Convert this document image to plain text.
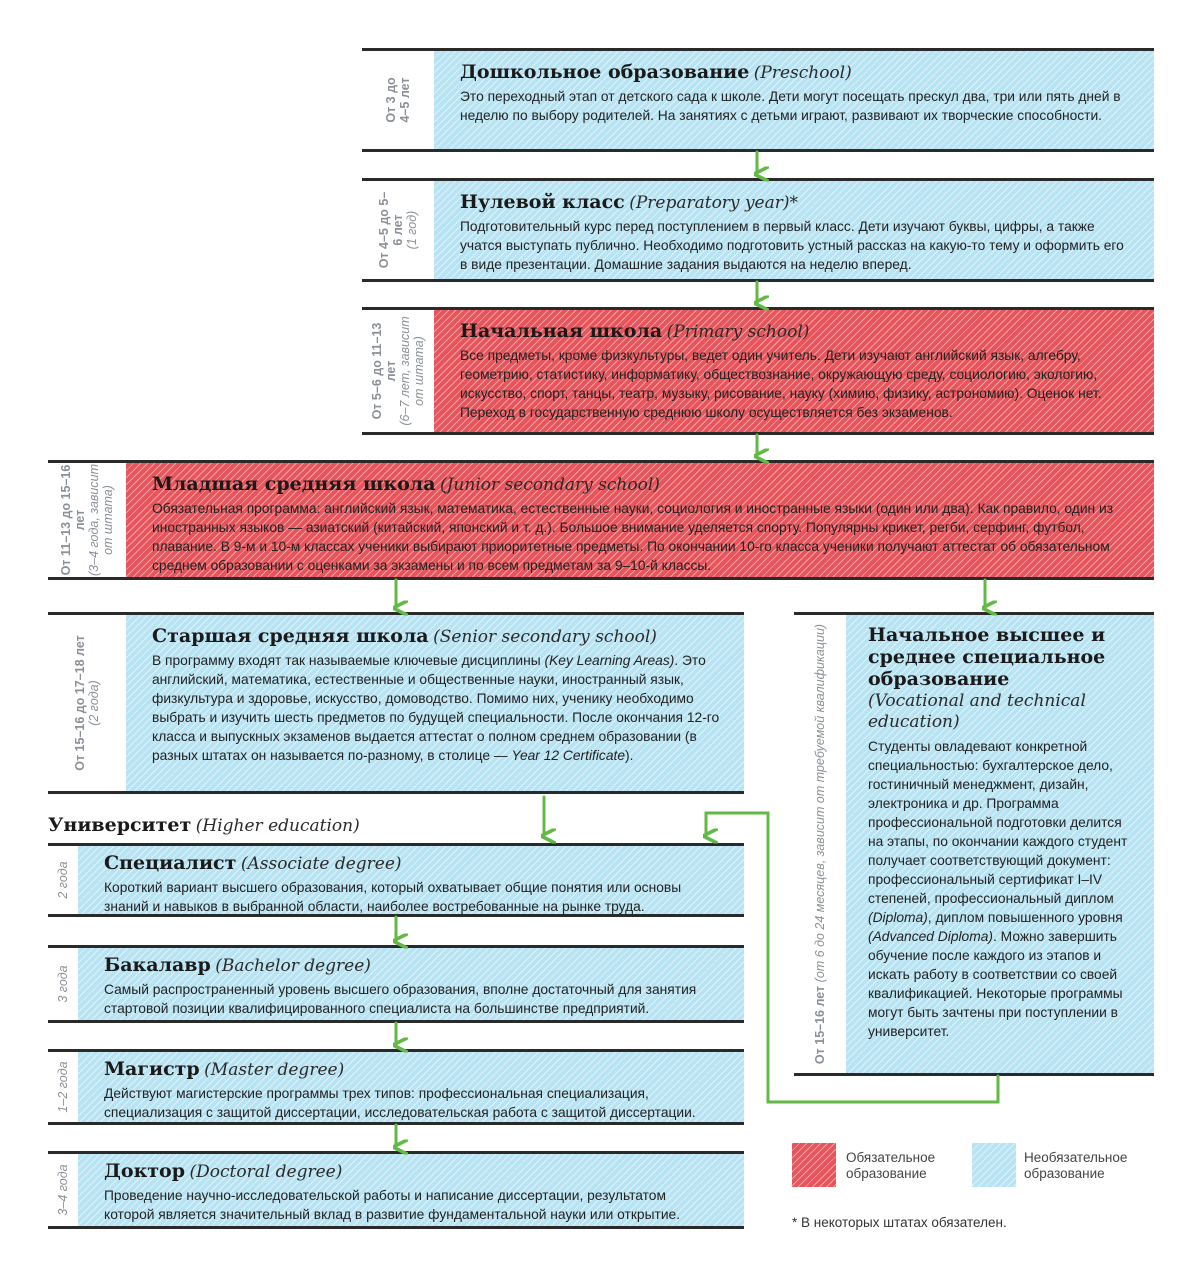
От 3 до 4–5 лет
Дошкольное образование (Preschool)

Это переходный этап от детского сада к школе. Дети могут посещать прескул два, три или пять дней в неделю по выбору родителей. На занятиях с детьми играют, развивают их творческие способности.

От 4–5 до 5–6 лет (1 год)
Нулевой класс (Preparatory year)*

Подготовительный курс перед поступлением в первый класс. Дети изучают буквы, цифры, а также учатся выступать публично. Необходимо подготовить устный рассказ на какую-то тему и оформить его в виде презентации. Домашние задания выдаются на неделю вперед.

От 5–6 до 11–13 лет (6–7 лет, зависит от штата)
Начальная школа (Primary school)

Все предметы, кроме физкультуры, ведет один учитель. Дети изучают английский язык, алгебру, геометрию, статистику, информатику, обществознание, окружающую среду, социологию, экологию, искусство, спорт, танцы, театр, музыку, рисование, науку (химию, физику, астрономию). Оценок нет. Переход в государственную среднюю школу осуществляется без экзаменов.

От 11–13 до 15–16 лет (3–4 года, зависит от штата)
Младшая средняя школа (Junior secondary school)

Обязательная программа: английский язык, математика, естественные науки, социология и иностранные языки (один или два). Как правило, один из иностранных языков — азиатский (китайский, японский и т. д.). Большое внимание уделяется спорту. Популярны крикет, регби, серфинг, футбол, плавание. В 9-м и 10-м классах ученики выбирают приоритетные предметы. По окончании 10-го класса ученики получают аттестат об обязательном среднем образовании с оценками за экзамены и по всем предметам за 9–10-й классы.

От 15–16 до 17–18 лет (2 года)
Старшая средняя школа (Senior secondary school)

В программу входят так называемые ключевые дисциплины (Key Learning Areas). Это английский, математика, естественные и общественные науки, иностранный язык, физкультура и здоровье, искусство, домоводство. Помимо них, ученику необходимо выбрать и изучить шесть предметов по будущей специальности. После окончания 12-го класса и выпускных экзаменов выдается аттестат о полном среднем образовании (в разных штатах он называется по-разному, в столице — Year 12 Certificate).

От 15–16 лет (от 6 до 24 месяцев, зависит от требуемой квалификации) Начальное высшее и среднее специальное образование
(Vocational and technical education)

Студенты овладевают конкретной специальностью: бухгалтерское дело, гостиничный менеджмент, дизайн, электроника и др. Программа профессиональной подготовки делится на этапы, по окончании каждого студент получает соответствующий документ: профессиональный сертификат I–IV степеней, профессиональный диплом (Diploma), диплом повышенного уровня (Advanced Diploma). Можно завершить обучение после каждого из этапов и искать работу в соответствии со своей квалификацией. Некоторые программы могут быть зачтены при поступлении в университет.

Университет (Higher education)
2 года Специалист (Associate degree)

Короткий вариант высшего образования, который охватывает общие понятия или основы знаний и навыков в выбранной области, наиболее востребованные на рынке труда.

3 года
Бакалавр (Bachelor degree)

Самый распространенный уровень высшего образования, вполне достаточный для занятия стартовой позиции квалифицированного специалиста на большинстве предприятий.

1–2 года Магистр (Master degree)

Действуют магистерские программы трех типов: профессиональная специализация, специализация с защитой диссертации, исследовательская работа с защитой диссертации.

3–4 года Доктор (Doctoral degree)

Проведение научно-исследовательской работы и написание диссертации, результатом которой является значительный вклад в развитие фундаментальной науки или открытие.

Обязательное образование
Необязательное образование
* В некоторых штатах обязателен.
